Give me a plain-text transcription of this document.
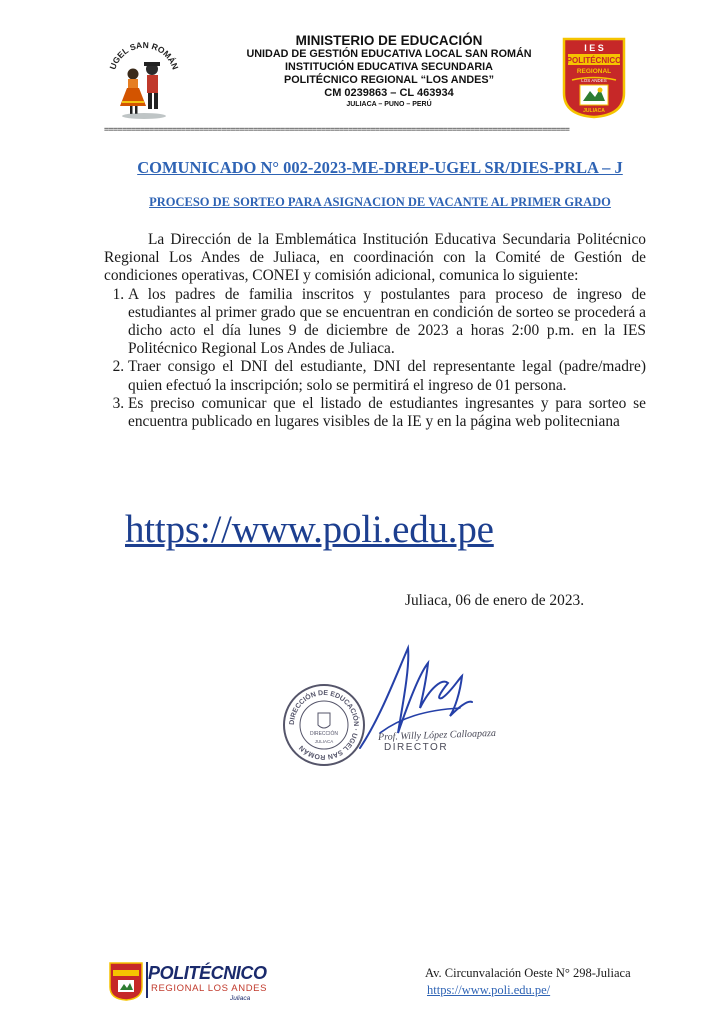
UGEL SAN ROMÁN
MINISTERIO DE EDUCACIÓN
UNIDAD DE GESTIÓN EDUCATIVA LOCAL SAN ROMÁN
INSTITUCIÓN EDUCATIVA SECUNDARIA
POLITÉCNICO REGIONAL “LOS ANDES”
CM 0239863 – CL 463934
JULIACA – PUNO – PERÚ
I E S
POLITÉCNICO
REGIONAL
LOS ANDES
JULIACA
=======================================================================================================
COMUNICADO N° 002-2023-ME-DREP-UGEL SR/DIES-PRLA – J
PROCESO DE SORTEO PARA ASIGNACION DE VACANTE AL PRIMER GRADO

La Dirección de la Emblemática Institución Educativa Secundaria Politécnico Regional Los Andes de Juliaca, en coordinación con la Comité de Gestión de condiciones operativas, CONEI y comisión adicional, comunica lo siguiente:

1. A los padres de familia inscritos y postulantes para proceso de ingreso de estudiantes al primer grado que se encuentran en condición de sorteo se procederá a dicho acto el día lunes 9 de diciembre de 2023 a horas 2:00 p.m. en la IES Politécnico Regional Los Andes de Juliaca.
2. Traer consigo el DNI del estudiante, DNI del representante legal (padre/madre) quien efectuó la inscripción; solo se permitirá el ingreso de 01 persona.
3. Es preciso comunicar que el listado de estudiantes ingresantes y para sorteo se encuentra publicado en lugares visibles de la IE y en la página web politecniana
https://www.poli.edu.pe
Juliaca, 06 de enero de 2023.
DIRECCIÓN DE EDUCACIÓN · UGEL SAN ROMÁN
DIRECCIÓN
JULIACA	Prof. Willy López Calloapaza
DIRECTOR
POLITÉCNICO
REGIONAL LOS ANDES
Juliaca
Av. Circunvalación Oeste N° 298-Juliaca
https://www.poli.edu.pe/
